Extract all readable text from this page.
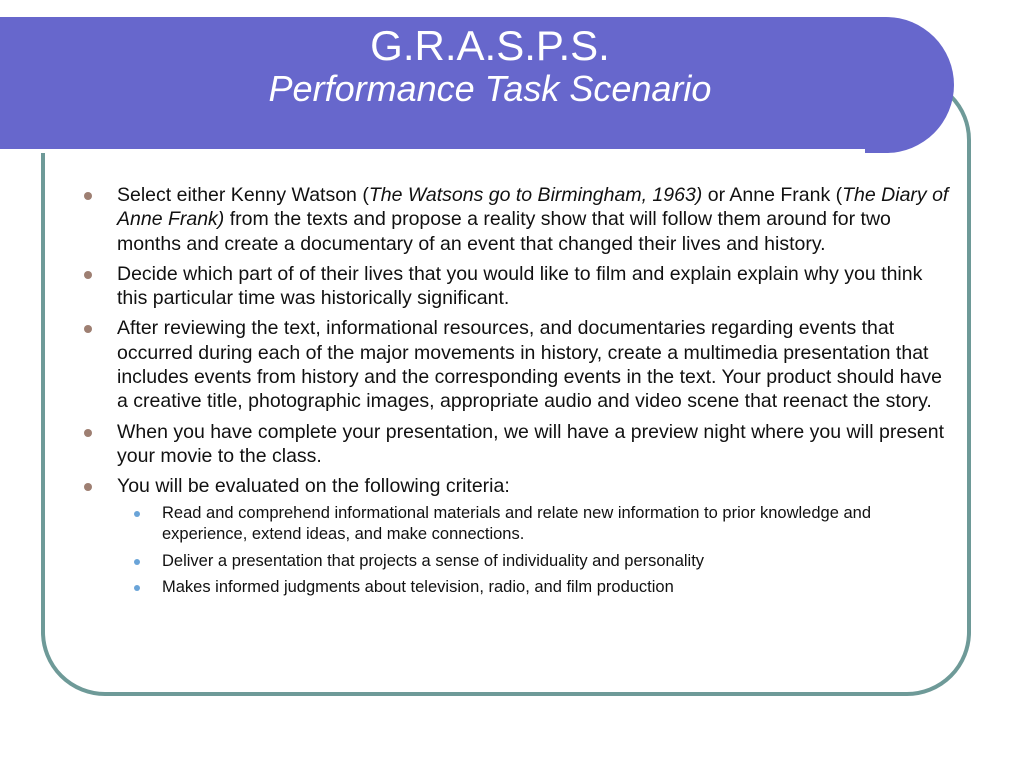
G.R.A.S.P.S.
Performance Task Scenario
Select either Kenny Watson (The Watsons go to Birmingham, 1963) or Anne Frank (The Diary of Anne Frank) from the texts and propose a reality show that will follow them around for two months and create a documentary of an event that changed their lives and history.
Decide which part of of their lives that you would like to film and explain explain why you think this particular time was historically significant.
After reviewing the text, informational resources, and documentaries regarding events that occurred during each of the major movements in history, create a multimedia presentation that includes events from history and the corresponding events in the text. Your product should have a creative title, photographic images, appropriate audio and video scene that reenact the story.
When you have complete your presentation, we will have a preview night where you will present your movie to the class.
You will be evaluated on the following criteria:
Read and comprehend informational materials and relate new information to prior knowledge and experience, extend ideas, and make connections.
Deliver a presentation that projects a sense of individuality and personality
Makes informed judgments about television, radio, and film production
